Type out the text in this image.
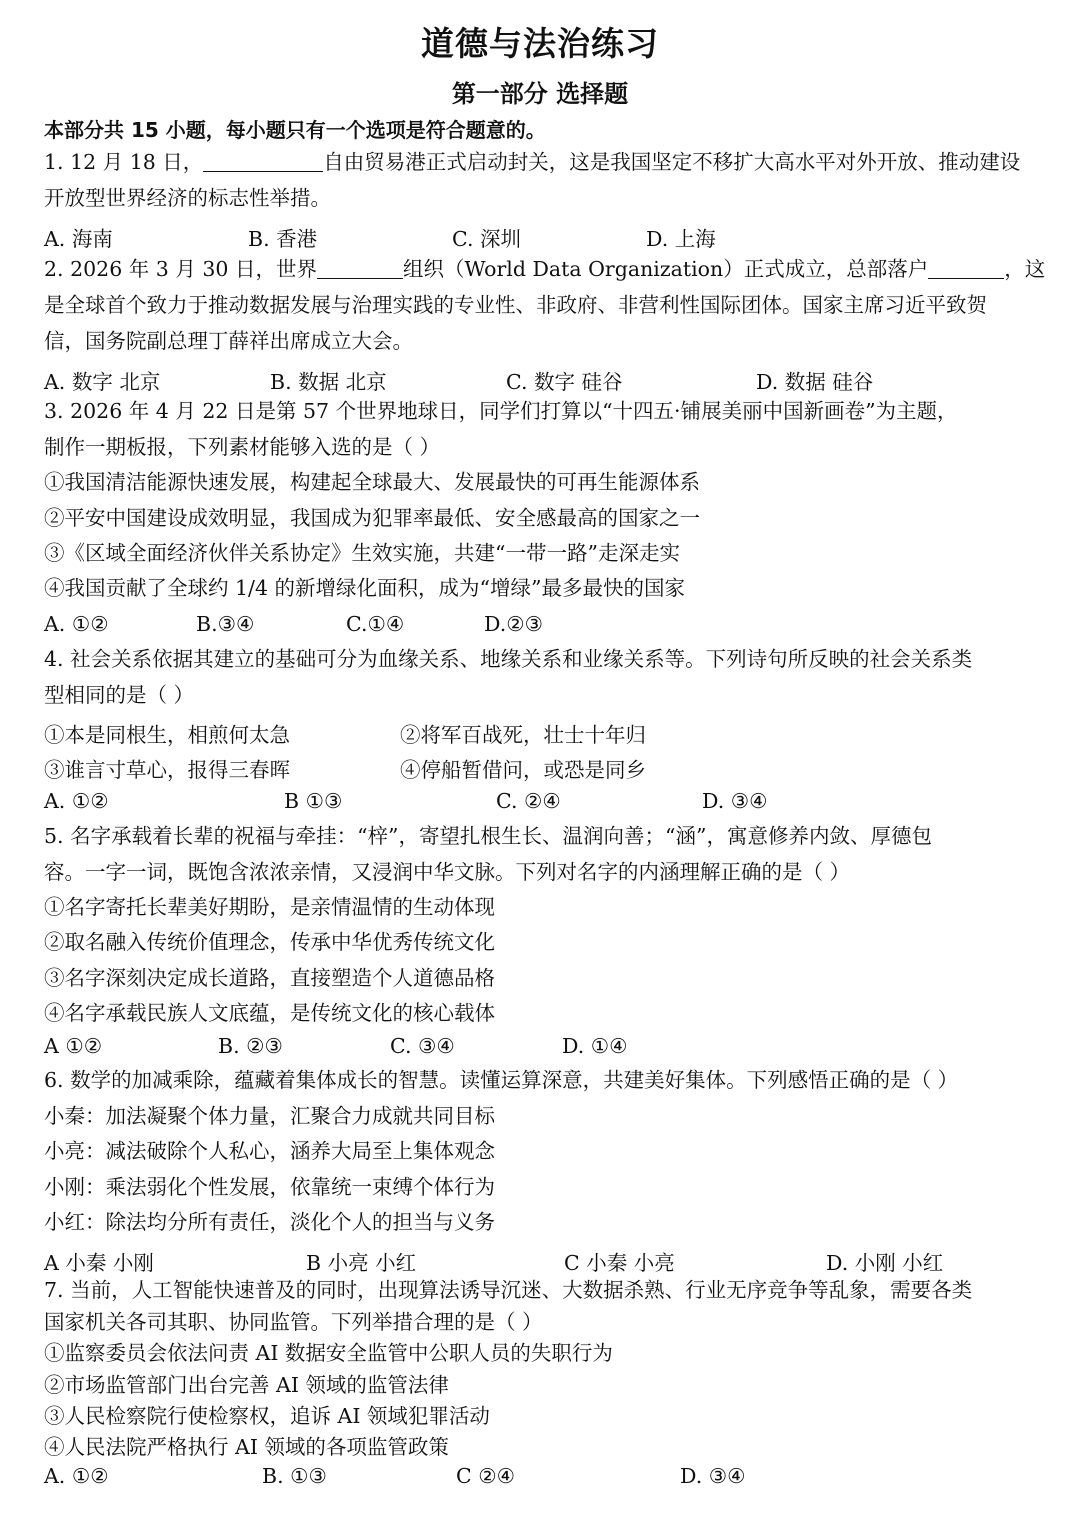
道德与法治练习
第一部分 选择题
本部分共 15 小题，每小题只有一个选项是符合题意的。
1. 12 月 18 日，	自由贸易港正式启动封关，这是我国坚定不移扩大高水平对外开放、推动建设
开放型世界经济的标志性举措。
A. 海南	B. 香港	C. 深圳	D. 上海
2. 2026 年 3 月 30 日，世界	组织（World Data Organization）正式成立，总部落户	，这
是全球首个致力于推动数据发展与治理实践的专业性、非政府、非营利性国际团体。国家主席习近平致贺
信，国务院副总理丁薛祥出席成立大会。
A. 数字 北京	B. 数据 北京	C. 数字 硅谷	D. 数据 硅谷
3. 2026 年 4 月 22 日是第 57 个世界地球日，同学们打算以“十四五·铺展美丽中国新画卷”为主题，
制作一期板报，下列素材能够入选的是（ ）
①我国清洁能源快速发展，构建起全球最大、发展最快的可再生能源体系
②平安中国建设成效明显，我国成为犯罪率最低、安全感最高的国家之一
③《区域全面经济伙伴关系协定》生效实施，共建“一带一路”走深走实
④我国贡献了全球约 1/4 的新增绿化面积，成为“增绿”最多最快的国家
A. ①②	B.③④	C.①④	D.②③
4. 社会关系依据其建立的基础可分为血缘关系、地缘关系和业缘关系等。下列诗句所反映的社会关系类
型相同的是（ ）
①本是同根生，相煎何太急	②将军百战死，壮士十年归
③谁言寸草心，报得三春晖	④停船暂借问，或恐是同乡
A. ①②	B ①③	C. ②④	D. ③④
5. 名字承载着长辈的祝福与牵挂：“梓”，寄望扎根生长、温润向善；“涵”，寓意修养内敛、厚德包
容。一字一词，既饱含浓浓亲情，又浸润中华文脉。下列对名字的内涵理解正确的是（ ）
①名字寄托长辈美好期盼，是亲情温情的生动体现
②取名融入传统价值理念，传承中华优秀传统文化
③名字深刻决定成长道路，直接塑造个人道德品格
④名字承载民族人文底蕴，是传统文化的核心载体
A ①②	B. ②③	C. ③④	D. ①④
6. 数学的加减乘除，蕴藏着集体成长的智慧。读懂运算深意，共建美好集体。下列感悟正确的是（ ）
小秦：加法凝聚个体力量，汇聚合力成就共同目标
小亮：减法破除个人私心，涵养大局至上集体观念
小刚：乘法弱化个性发展，依靠统一束缚个体行为
小红：除法均分所有责任，淡化个人的担当与义务
A 小秦 小刚	B 小亮 小红	C 小秦 小亮	D. 小刚 小红
7. 当前，人工智能快速普及的同时，出现算法诱导沉迷、大数据杀熟、行业无序竞争等乱象，需要各类
国家机关各司其职、协同监管。下列举措合理的是（ ）
①监察委员会依法问责 AI 数据安全监管中公职人员的失职行为
②市场监管部门出台完善 AI 领域的监管法律
③人民检察院行使检察权，追诉 AI 领域犯罪活动
④人民法院严格执行 AI 领域的各项监管政策
A. ①②	B. ①③	C ②④	D. ③④
